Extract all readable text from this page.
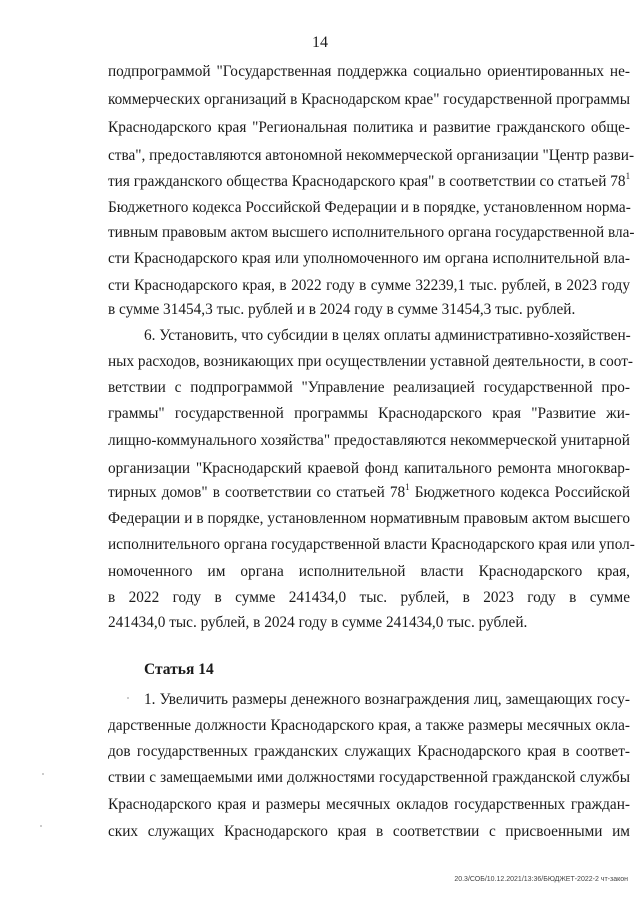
14
подпрограммой "Государственная поддержка социально ориентированных не-
коммерческих организаций в Краснодарском крае" государственной программы
Краснодарского края "Региональная политика и развитие гражданского обще-
ства", предоставляются автономной некоммерческой организации "Центр разви-
тия гражданского общества Краснодарского края" в соответствии со статьей $78^1$
Бюджетного кодекса Российской Федерации и в порядке, установленном норма-
тивным правовым актом высшего исполнительного органа государственной вла-
сти Краснодарского края или уполномоченного им органа исполнительной вла-
сти Краснодарского края, в 2022 году в сумме 32239,1 тыс. рублей, в 2023 году
в сумме 31454,3 тыс. рублей и в 2024 году в сумме 31454,3 тыс. рублей.
6. Установить, что субсидии в целях оплаты административно-хозяйствен-
ных расходов, возникающих при осуществлении уставной деятельности, в соот-
ветствии с подпрограммой "Управление реализацией государственной про-
граммы" государственной программы Краснодарского края "Развитие жи-
лищно-коммунального хозяйства" предоставляются некоммерческой унитарной
организации "Краснодарский краевой фонд капитального ремонта многоквар-
тирных домов" в соответствии со статьей $78^1$ Бюджетного кодекса Российской
Федерации и в порядке, установленном нормативным правовым актом высшего
исполнительного органа государственной власти Краснодарского края или упол-
номоченного им органа исполнительной власти Краснодарского края,
в 2022 году в сумме 241434,0 тыс. рублей, в 2023 году в сумме
241434,0 тыс. рублей, в 2024 году в сумме 241434,0 тыс. рублей.
Статья 14
1. Увеличить размеры денежного вознаграждения лиц, замещающих госу-
дарственные должности Краснодарского края, а также размеры месячных окла-
дов государственных гражданских служащих Краснодарского края в соответ-
ствии с замещаемыми ими должностями государственной гражданской службы
Краснодарского края и размеры месячных окладов государственных граждан-
ских служащих Краснодарского края в соответствии с присвоенными им
20.3/СОБ/10.12.2021/13:36/БЮДЖЕТ-2022-2 чт-закон
